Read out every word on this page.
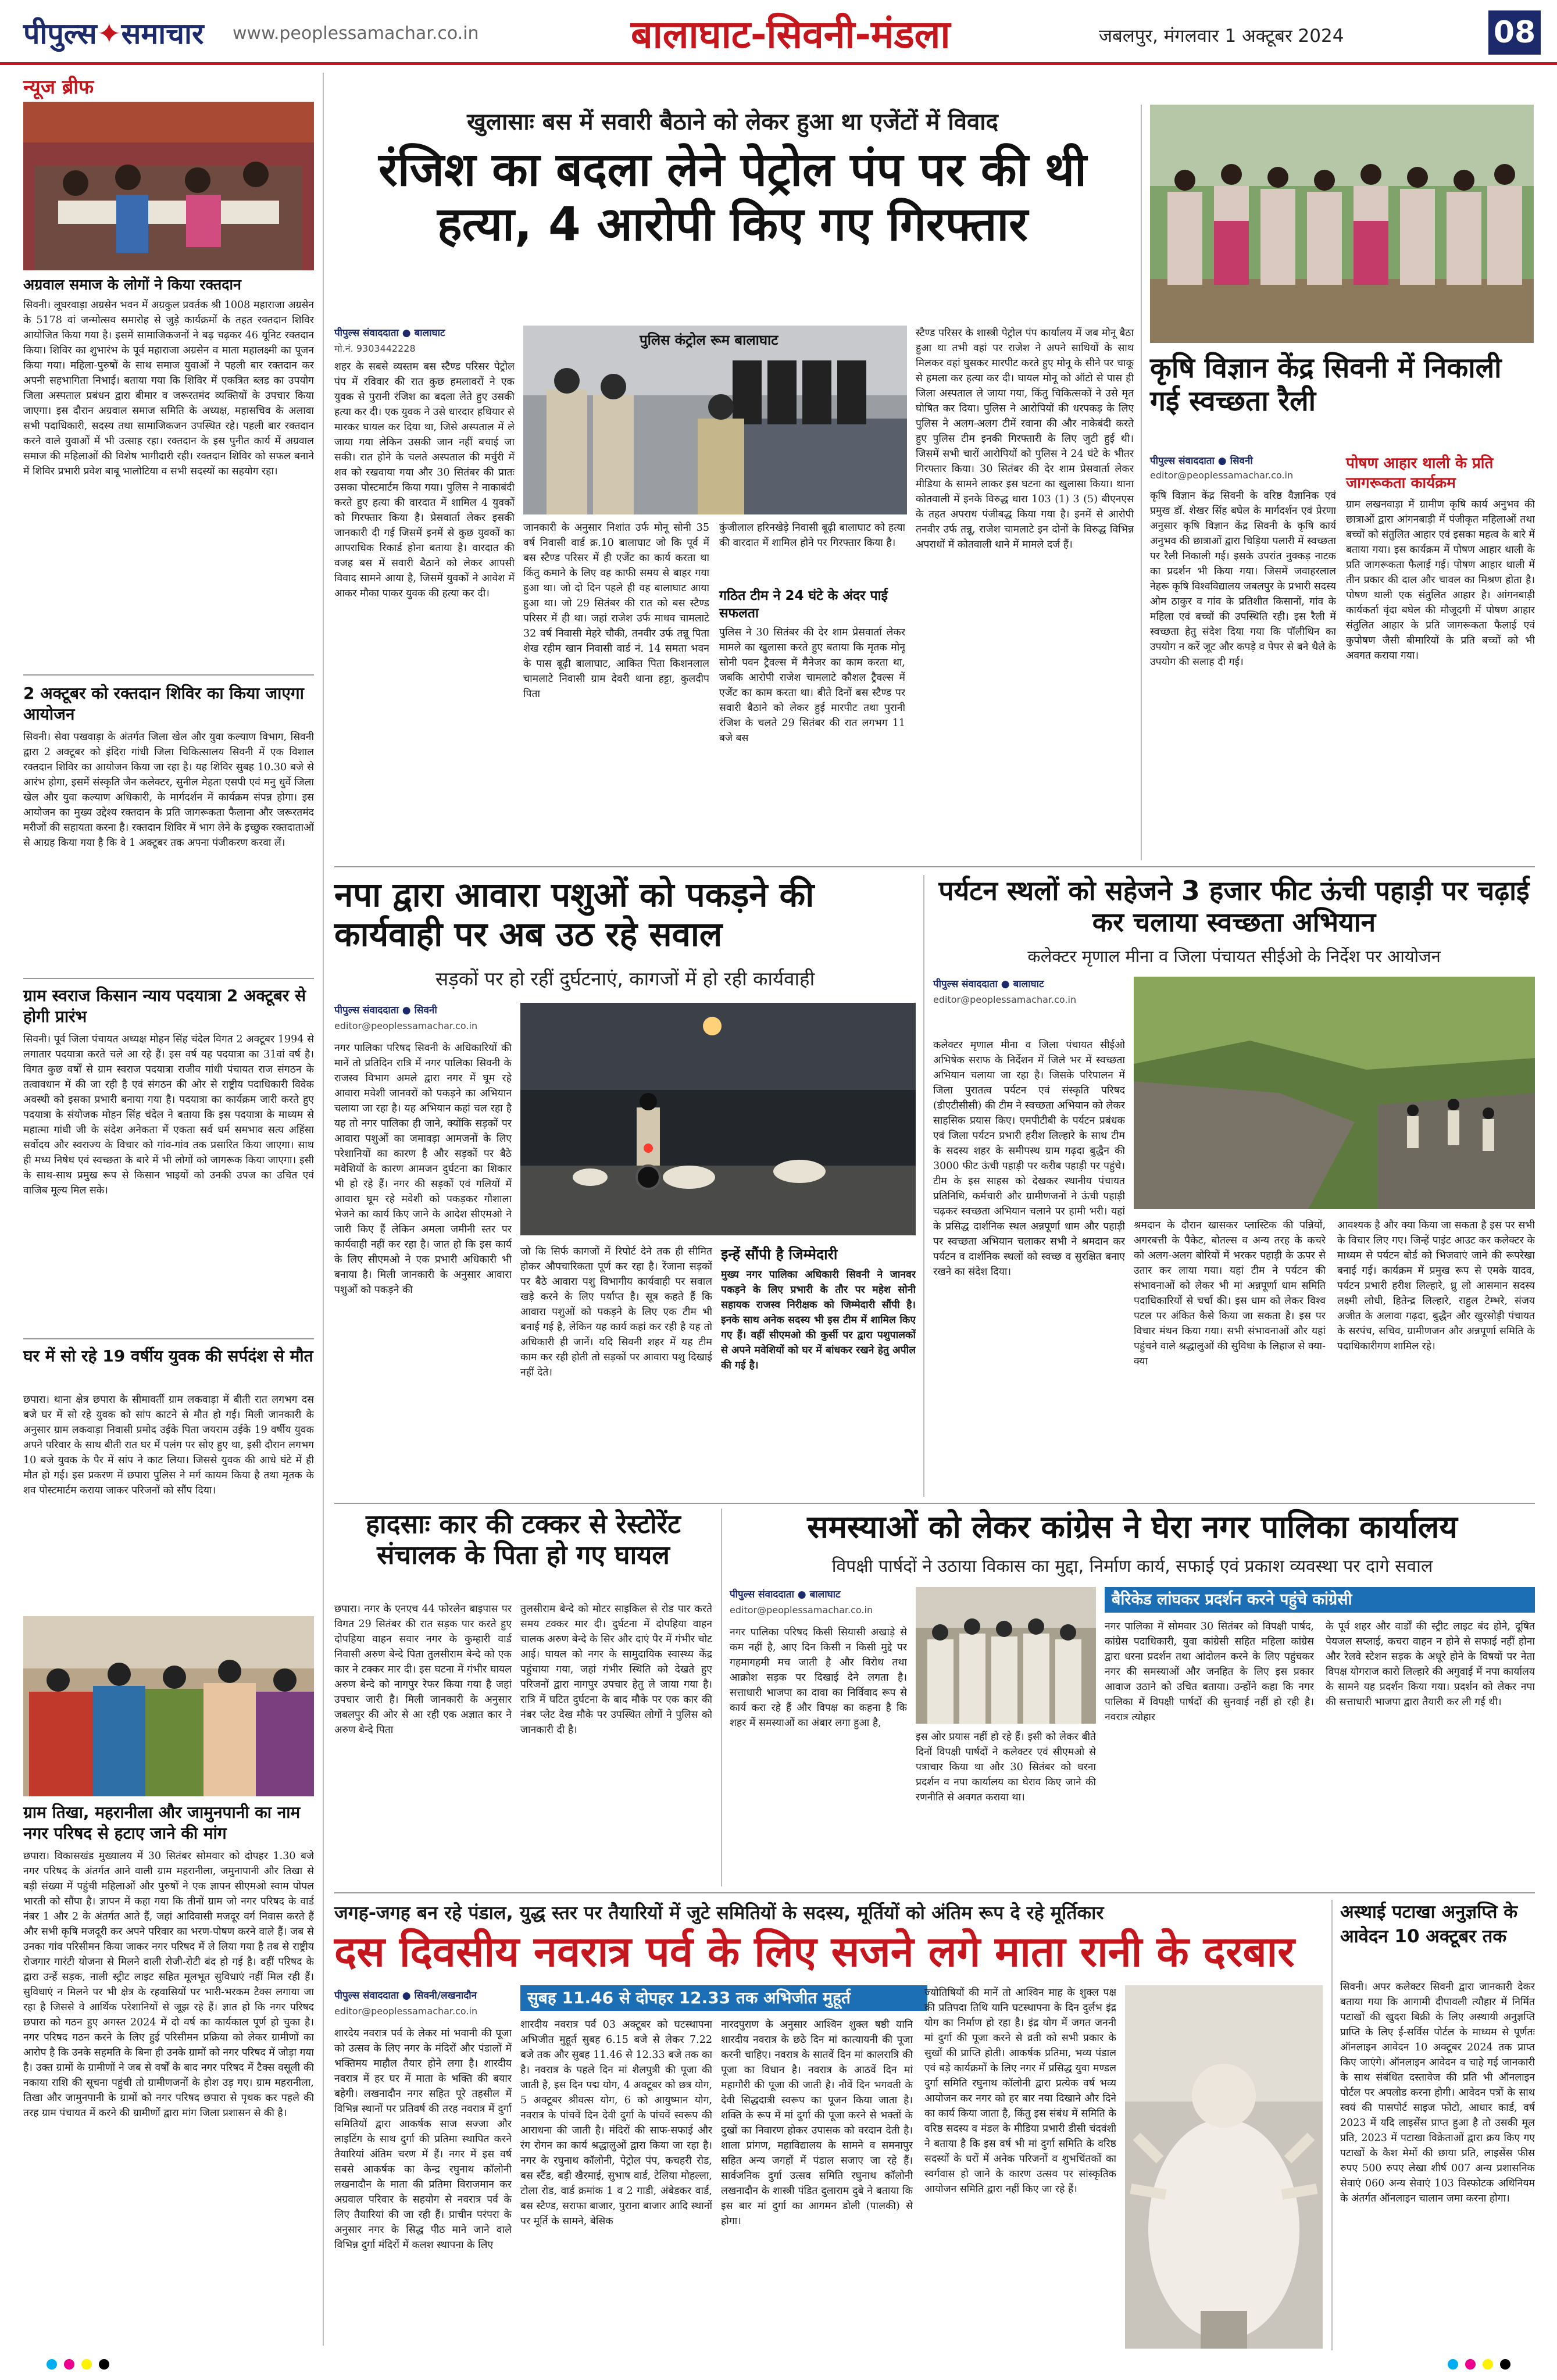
पीपुल्स✦समाचार www.peoplessamachar.co.in	बालाघाट-सिवनी-मंडला	जबलपुर, मंगलवार 1 अक्टूबर 2024	08
न्यूज ब्रीफ
अग्रवाल समाज के लोगों ने किया रक्तदान
सिवनी। लूघरवाड़ा अग्रसेन भवन में अग्रकुल प्रवर्तक श्री 1008 महाराजा अग्रसेन के 5178 वां जन्मोत्सव समारोह से जुड़े कार्यक्रमों के तहत रक्तदान शिविर आयोजित किया गया है। इसमें सामाजिकजनों ने बढ़ चढ़कर 46 यूनिट रक्तदान किया। शिविर का शुभारंभ के पूर्व महाराजा अग्रसेन व माता महालक्ष्मी का पूजन किया गया। महिला-पुरुषों के साथ समाज युवाओं ने पहली बार रक्तदान कर अपनी सहभागिता निभाई। बताया गया कि शिविर में एकत्रित ब्लड का उपयोग जिला अस्पताल प्रबंधन द्वारा बीमार व जरूरतमंद व्यक्तियों के उपचार किया जाएगा। इस दौरान अग्रवाल समाज समिति के अध्यक्ष, महासचिव के अलावा सभी पदाधिकारी, सदस्य तथा सामाजिकजन उपस्थित रहे। पहली बार रक्तदान करने वाले युवाओं में भी उत्साह रहा। रक्तदान के इस पुनीत कार्य में अग्रवाल समाज की महिलाओं की विशेष भागीदारी रही। रक्तदान शिविर को सफल बनाने में शिविर प्रभारी प्रवेश बाबू भालोटिया व सभी सदस्यों का सहयोग रहा।
2 अक्टूबर को रक्तदान शिविर का किया जाएगा आयोजन
सिवनी। सेवा पखवाड़ा के अंतर्गत जिला खेल और युवा कल्याण विभाग, सिवनी द्वारा 2 अक्टूबर को इंदिरा गांधी जिला चिकित्सालय सिवनी में एक विशाल रक्तदान शिविर का आयोजन किया जा रहा है। यह शिविर सुबह 10.30 बजे से आरंभ होगा, इसमें संस्कृति जैन कलेक्टर, सुनील मेहता एसपी एवं मनु धुर्वे जिला खेल और युवा कल्याण अधिकारी, के मार्गदर्शन में कार्यक्रम संपन्न होगा। इस आयोजन का मुख्य उद्देश्य रक्तदान के प्रति जागरूकता फैलाना और जरूरतमंद मरीजों की सहायता करना है। रक्तदान शिविर में भाग लेने के इच्छुक रक्तदाताओं से आग्रह किया गया है कि वे 1 अक्टूबर तक अपना पंजीकरण करवा लें।
ग्राम स्वराज किसान न्याय पदयात्रा 2 अक्टूबर से होगी प्रारंभ
सिवनी। पूर्व जिला पंचायत अध्यक्ष मोहन सिंह चंदेल विगत 2 अक्टूबर 1994 से लगातार पदयात्रा करते चले आ रहे हैं। इस वर्ष यह पदयात्रा का 31वां वर्ष है। विगत कुछ वर्षों से ग्राम स्वराज पदयात्रा राजीव गांधी पंचायत राज संगठन के तत्वावधान में की जा रही है एवं संगठन की ओर से राष्ट्रीय पदाधिकारी विवेक अवस्थी को इसका प्रभारी बनाया गया है। पदयात्रा का कार्यक्रम जारी करते हुए पदयात्रा के संयोजक मोहन सिंह चंदेल ने बताया कि इस पदयात्रा के माध्यम से महात्मा गांधी जी के संदेश अनेकता में एकता सर्व धर्म समभाव सत्य अहिंसा सर्वोदय और स्वराज्य के विचार को गांव-गांव तक प्रसारित किया जाएगा। साथ ही मध्य निषेध एवं स्वच्छता के बारे में भी लोगों को जागरूक किया जाएगा। इसी के साथ-साथ प्रमुख रूप से किसान भाइयों को उनकी उपज का उचित एवं वाजिब मूल्य मिल सके।
घर में सो रहे 19 वर्षीय युवक की सर्पदंश से मौत
छपारा। थाना क्षेत्र छपारा के सीमावर्ती ग्राम लकवाड़ा में बीती रात लगभग दस बजे घर में सो रहे युवक को सांप काटने से मौत हो गई। मिली जानकारी के अनुसार ग्राम लकवाड़ा निवासी प्रमोद उईके पिता जयराम उईके 19 वर्षीय युवक अपने परिवार के साथ बीती रात घर में पलंग पर सोए हुए था, इसी दौरान लगभग 10 बजे युवक के पैर में सांप ने काट लिया। जिससे युवक की आधे घंटे में ही मौत हो गई। इस प्रकरण में छपारा पुलिस ने मर्ग कायम किया है तथा मृतक के शव पोस्टमार्टम कराया जाकर परिजनों को सौंप दिया।
ग्राम तिखा, महरानीला और जामुनपानी का नाम नगर परिषद से हटाए जाने की मांग
छपारा। विकासखंड मुख्यालय में 30 सितंबर सोमवार को दोपहर 1.30 बजे नगर परिषद के अंतर्गत आने वाली ग्राम महरानीला, जमुनापानी और तिखा से बड़ी संख्या में पहुंची महिलाओं और पुरुषों ने एक ज्ञापन सीएमओ स्वाम पोपल भारती को सौंपा है। ज्ञापन में कहा गया कि तीनों ग्राम जो नगर परिषद के वार्ड नंबर 1 और 2 के अंतर्गत आते हैं, जहां आदिवासी मजदूर वर्ग निवास करते हैं और सभी कृषि मजदूरी कर अपने परिवार का भरण-पोषण करने वाले हैं। जब से उनका गांव परिसीमन किया जाकर नगर परिषद में ले लिया गया है तब से राष्ट्रीय रोजगार गारंटी योजना से मिलने वाली रोजी-रोटी बंद हो गई है। वहीं परिषद के द्वारा उन्हें सड़क, नाली स्ट्रीट लाइट सहित मूलभूत सुविधाएं नहीं मिल रही हैं। सुविधाएं न मिलने पर भी क्षेत्र के रहवासियों पर भारी-भरकम टैक्स लगाया जा रहा है जिससे वे आर्थिक परेशानियों से जूझ रहे हैं। ज्ञात हो कि नगर परिषद छपारा को गठन हुए अगस्त 2024 में दो वर्ष का कार्यकाल पूर्ण हो चुका है। नगर परिषद गठन करने के लिए हुई परिसीमन प्रक्रिया को लेकर ग्रामीणों का आरोप है कि उनके सहमति के बिना ही उनके ग्रामों को नगर परिषद में जोड़ा गया है। उक्त ग्रामों के ग्रामीणों ने जब से वर्षों के बाद नगर परिषद में टैक्स वसूली की नकाया राशि की सूचना पहुंची तो ग्रामीणजनों के होश उड़ गए। ग्राम महरानीला, तिखा और जामुनपानी के ग्रामों को नगर परिषद छपारा से पृथक कर पहले की तरह ग्राम पंचायत में करने की ग्रामीणों द्वारा मांग जिला प्रशासन से की है।
खुलासाः बस में सवारी बैठाने को लेकर हुआ था एजेंटों में विवाद
रंजिश का बदला लेने पेट्रोल पंप पर की थी हत्या, 4 आरोपी किए गए गिरफ्तार
पीपुल्स संवाददाता ● बालाघाट
मो.नं. 9303442228
शहर के सबसे व्यस्तम बस स्टैण्ड परिसर पेट्रोल पंप में रविवार की रात कुछ हमलावरों ने एक युवक से पुरानी रंजिश का बदला लेते हुए उसकी हत्या कर दी। एक युवक ने उसे धारदार हथियार से मारकर घायल कर दिया था, जिसे अस्पताल में ले जाया गया लेकिन उसकी जान नहीं बचाई जा सकी। रात होने के चलते अस्पताल की मर्चुरी में शव को रखवाया गया और 30 सितंबर की प्रातः उसका पोस्टमार्टम किया गया। पुलिस ने नाकाबंदी करते हुए हत्या की वारदात में शामिल 4 युवकों को गिरफ्तार किया है। प्रेसवार्ता लेकर इसकी जानकारी दी गई जिसमें इनमें से कुछ युवकों का आपराधिक रिकार्ड होना बताया है। वारदात की वजह बस में सवारी बैठाने को लेकर आपसी विवाद सामने आया है, जिसमें युवकों ने आवेश में आकर मौका पाकर युवक की हत्या कर दी।
पुलिस कंट्रोल रूम बालाघाट
जानकारी के अनुसार निशांत उर्फ मोनू सोनी 35 वर्ष निवासी वार्ड क्र.10 बालाघाट जो कि पूर्व में बस स्टैण्ड परिसर में ही एजेंट का कार्य करता था किंतु कमाने के लिए वह काफी समय से बाहर गया हुआ था। जो दो दिन पहले ही वह बालाघाट आया हुआ था। जो 29 सितंबर की रात को बस स्टैण्ड परिसर में ही था। जहां राजेश उर्फ माधव चामलाटे 32 वर्ष निवासी मेहरे चौकी, तनवीर उर्फ तन्नू पिता शेख रहीम खान निवासी वार्ड नं. 14 समता भवन के पास बूढ़ी बालाघाट, आकित पिता किशनलाल चामलाटे निवासी ग्राम देवरी थाना हट्टा, कुलदीप पिता
कुंजीलाल हरिनखेड़े निवासी बूढ़ी बालाघाट को हत्या की वारदात में शामिल होने पर गिरफ्तार किया है।
गठित टीम ने 24 घंटे के अंदर पाई सफलता
पुलिस ने 30 सितंबर की देर शाम प्रेसवार्ता लेकर मामले का खुलासा करते हुए बताया कि मृतक मोनू सोनी पवन ट्रैवल्स में मैनेजर का काम करता था, जबकि आरोपी राजेश चामलाटे कौशल ट्रैवल्स में एजेंट का काम करता था। बीते दिनों बस स्टैण्ड पर सवारी बैठाने को लेकर हुई मारपीट तथा पुरानी रंजिश के चलते 29 सितंबर की रात लगभग 11 बजे बस
स्टैण्ड परिसर के शास्त्री पेट्रोल पंप कार्यालय में जब मोनू बैठा हुआ था तभी वहां पर राजेश ने अपने साथियों के साथ मिलकर वहां घुसकर मारपीट करते हुए मोनू के सीने पर चाकू से हमला कर हत्या कर दी। घायल मोनू को ऑटो से पास ही जिला अस्पताल ले जाया गया, किंतु चिकित्सकों ने उसे मृत घोषित कर दिया। पुलिस ने आरोपियों की धरपकड़ के लिए पुलिस ने अलग-अलग टीमें रवाना की और नाकेबंदी करते हुए पुलिस टीम इनकी गिरफ्तारी के लिए जुटी हुई थी। जिसमें सभी चारों आरोपियों को पुलिस ने 24 घंटे के भीतर गिरफ्तार किया। 30 सितंबर की देर शाम प्रेसवार्ता लेकर मीडिया के सामने लाकर इस घटना का खुलासा किया। थाना कोतवाली में इनके विरुद्ध धारा 103 (1) 3 (5) बीएनएस के तहत अपराध पंजीबद्ध किया गया है। इनमें से आरोपी तनवीर उर्फ तन्नू, राजेश चामलाटे इन दोनों के विरुद्ध विभिन्न अपराधों में कोतवाली थाने में मामले दर्ज हैं।
कृषि विज्ञान केंद्र सिवनी में निकाली गई स्वच्छता रैली
पीपुल्स संवाददाता ● सिवनी
editor@peoplessamachar.co.in
कृषि विज्ञान केंद्र सिवनी के वरिष्ठ वैज्ञानिक एवं प्रमुख डॉ. शेखर सिंह बघेल के मार्गदर्शन एवं प्रेरणा अनुसार कृषि विज्ञान केंद्र सिवनी के कृषि कार्य अनुभव की छात्राओं द्वारा चिड़िया पलारी में स्वच्छता पर रैली निकाली गई। इसके उपरांत नुक्कड़ नाटक का प्रदर्शन भी किया गया। जिसमें जवाहरलाल नेहरू कृषि विश्वविद्यालय जबलपुर के प्रभारी सदस्य ओम ठाकुर व गांव के प्रतिशीत किसानों, गांव के महिला एवं बच्चों की उपस्थिति रही। इस रैली में स्वच्छता हेतु संदेश दिया गया कि पॉलीथिन का उपयोग न करें जूट और कपड़े व पेपर से बने थैले के उपयोग की सलाह दी गई।
पोषण आहार थाली के प्रति जागरूकता कार्यक्रम
ग्राम लखनवाड़ा में ग्रामीण कृषि कार्य अनुभव की छात्राओं द्वारा आंगनबाड़ी में पंजीकृत महिलाओं तथा बच्चों को संतुलित आहार एवं इसका महत्व के बारे में बताया गया। इस कार्यक्रम में पोषण आहार थाली के प्रति जागरूकता फैलाई गई। पोषण आहार थाली में तीन प्रकार की दाल और चावल का मिश्रण होता है। पोषण थाली एक संतुलित आहार है। आंगनबाड़ी कार्यकर्ता वृंदा बघेल की मौजूदगी में पोषण आहार संतुलित आहार के प्रति जागरूकता फैलाई एवं कुपोषण जैसी बीमारियों के प्रति बच्चों को भी अवगत कराया गया।
नपा द्वारा आवारा पशुओं को पकड़ने की कार्यवाही पर अब उठ रहे सवाल
सड़कों पर हो रहीं दुर्घटनाएं, कागजों में हो रही कार्यवाही
पीपुल्स संवाददाता ● सिवनी
editor@peoplessamachar.co.in
नगर पालिका परिषद सिवनी के अधिकारियों की मानें तो प्रतिदिन रात्रि में नगर पालिका सिवनी के राजस्व विभाग अमले द्वारा नगर में घूम रहे आवारा मवेशी जानवरों को पकड़ने का अभियान चलाया जा रहा है। यह अभियान कहां चल रहा है यह तो नगर पालिका ही जाने, क्योंकि सड़कों पर आवारा पशुओं का जमावड़ा आमजनों के लिए परेशानियों का कारण है और सड़कों पर बैठे मवेशियों के कारण आमजन दुर्घटना का शिकार भी हो रहे हैं। नगर की सड़कों एवं गलियों में आवारा घूम रहे मवेशी को पकड़कर गौशाला भेजने का कार्य किए जाने के आदेश सीएमओ ने जारी किए हैं लेकिन अमला जमीनी स्तर पर कार्यवाही नहीं कर रहा है। जात हो कि इस कार्य के लिए सीएमओ ने एक प्रभारी अधिकारी भी बनाया है। मिली जानकारी के अनुसार आवारा पशुओं को पकड़ने की
जो कि सिर्फ कागजों में रिपोर्ट देने तक ही सीमित होकर औपचारिकता पूर्ण कर रहा है। रेंजाना सड़कों पर बैठे आवारा पशु विभागीय कार्यवाही पर सवाल खड़े करने के लिए पर्याप्त है। सूत्र कहते हैं कि आवारा पशुओं को पकड़ने के लिए एक टीम भी बनाई गई है, लेकिन यह कार्य कहां कर रही है यह तो अधिकारी ही जानें। यदि सिवनी शहर में यह टीम काम कर रही होती तो सड़कों पर आवारा पशु दिखाई नहीं देते।
इन्हें सौंपी है जिम्मेदारी
मुख्य नगर पालिका अधिकारी सिवनी ने जानवर पकड़ने के लिए प्रभारी के तौर पर महेश सोनी सहायक राजस्व निरीक्षक को जिम्मेदारी सौंपी है। इनके साथ अनेक सदस्य भी इस टीम में शामिल किए गए हैं। वहीं सीएमओ की कुर्सी पर द्वारा पशुपालकों से अपने मवेशियों को घर में बांधकर रखने हेतु अपील की गई है।
पर्यटन स्थलों को सहेजने 3 हजार फीट ऊंची पहाड़ी पर चढ़ाई कर चलाया स्वच्छता अभियान
कलेक्टर मृणाल मीना व जिला पंचायत सीईओ के निर्देश पर आयोजन
पीपुल्स संवाददाता ● बालाघाट
editor@peoplessamachar.co.in
कलेक्टर मृणाल मीना व जिला पंचायत सीईओ अभिषेक सराफ के निर्देशन में जिले भर में स्वच्छता अभियान चलाया जा रहा है। जिसके परिपालन में जिला पुरातत्व पर्यटन एवं संस्कृति परिषद (डीएटीसीसी) की टीम ने स्वच्छता अभियान को लेकर साहसिक प्रयास किए। एमपीटीबी के पर्यटन प्रबंधक एवं जिला पर्यटन प्रभारी हरीश लिल्हारे के साथ टीम के सदस्य शहर के समीपस्थ ग्राम गढ़दा बुद्धैन की 3000 फीट ऊंची पहाड़ी पर करीब पहाड़ी पर पहुंचे। टीम के इस साहस को देखकर स्थानीय पंचायत प्रतिनिधि, कर्मचारी और ग्रामीणजनों ने ऊंची पहाड़ी चढ़कर स्वच्छता अभियान चलाने पर हामी भरी। यहां के प्रसिद्ध दार्शनिक स्थल अन्नपूर्णा धाम और पहाड़ी पर स्वच्छता अभियान चलाकर सभी ने श्रमदान कर पर्यटन व दार्शनिक स्थलों को स्वच्छ व सुरक्षित बनाए रखने का संदेश दिया।
श्रमदान के दौरान खासकर प्लास्टिक की पन्नियों, अगरबत्ती के पैकेट, बोतल्स व अन्य तरह के कचरे को अलग-अलग बोरियों में भरकर पहाड़ी के ऊपर से उतार कर लाया गया। यहां टीम ने पर्यटन की संभावनाओं को लेकर भी मां अन्नपूर्णा धाम समिति पदाधिकारियों से चर्चा की। इस धाम को लेकर विश्व पटल पर अंकित कैसे किया जा सकता है। इस पर विचार मंथन किया गया। सभी संभावनाओं और यहां पहुंचने वाले श्रद्धालुओं की सुविधा के लिहाज से क्या-क्या
आवश्यक है और क्या किया जा सकता है इस पर सभी के विचार लिए गए। जिन्हें पाइंट आउट कर कलेक्टर के माध्यम से पर्यटन बोर्ड को भिजवाएं जाने की रूपरेखा बनाई गई। कार्यक्रम में प्रमुख रूप से एमके यादव, पर्यटन प्रभारी हरीश लिल्हारे, ध्रु लो आसमान सदस्य लक्ष्मी लोधी, हितेन्द्र लिल्हारे, राहुल टेम्भरे, संजय अजीत के अलावा गढ़दा, बुद्धैन और खुरसोड़ी पंचायत के सरपंच, सचिव, ग्रामीणजन और अन्नपूर्णा समिति के पदाधिकारीगण शामिल रहे।
हादसाः कार की टक्कर से रेस्टोरेंट संचालक के पिता हो गए घायल
छपारा। नगर के एनएच 44 फोरलेन बाइपास पर विगत 29 सितंबर की रात सड़क पार करते हुए दोपहिया वाहन सवार नगर के कुम्हारी वार्ड निवासी अरुण बेन्दे पिता तुलसीराम बेन्दे को एक कार ने टक्कर मार दी। इस घटना में गंभीर घायल अरुण बेन्दे को नागपुर रेफर किया गया है जहां उपचार जारी है। मिली जानकारी के अनुसार जबलपुर की ओर से आ रही एक अज्ञात कार ने अरुण बेन्दे पिता
तुलसीराम बेन्दे को मोटर साइकिल से रोड पार करते समय टक्कर मार दी। दुर्घटना में दोपहिया वाहन चालक अरुण बेन्दे के सिर और दाएं पैर में गंभीर चोट आई। घायल को नगर के सामुदायिक स्वास्थ्य केंद्र पहुंचाया गया, जहां गंभीर स्थिति को देखते हुए परिजनों द्वारा नागपुर उपचार हेतु ले जाया गया है। रात्रि में घटित दुर्घटना के बाद मौके पर एक कार की नंबर प्लेट देख मौके पर उपस्थित लोगों ने पुलिस को जानकारी दी है।
समस्याओं को लेकर कांग्रेस ने घेरा नगर पालिका कार्यालय
विपक्षी पार्षदों ने उठाया विकास का मुद्दा, निर्माण कार्य, सफाई एवं प्रकाश व्यवस्था पर दागे सवाल
पीपुल्स संवाददाता ● बालाघाट
editor@peoplessamachar.co.in
नगर पालिका परिषद किसी सियासी अखाड़े से कम नहीं है, आए दिन किसी न किसी मुद्दे पर गहमागहमी मच जाती है और विरोध तथा आक्रोश सड़क पर दिखाई देने लगता है। सत्ताधारी भाजपा का दावा का निर्विवाद रूप से कार्य करा रहे हैं और विपक्ष का कहना है कि शहर में समस्याओं का अंबार लगा हुआ है,
इस ओर प्रयास नहीं हो रहे हैं। इसी को लेकर बीते दिनों विपक्षी पार्षदों ने कलेक्टर एवं सीएमओ से पत्राचार किया था और 30 सितंबर को धरना प्रदर्शन व नपा कार्यालय का घेराव किए जाने की रणनीति से अवगत कराया था।
बैरिकेड लांघकर प्रदर्शन करने पहुंचे कांग्रेसी
नगर पालिका में सोमवार 30 सितंबर को विपक्षी पार्षद, कांग्रेस पदाधिकारी, युवा कांग्रेसी सहित महिला कांग्रेस द्वारा धरना प्रदर्शन तथा आंदोलन करने के लिए पहुंचकर नगर की समस्याओं और जनहित के लिए इस प्रकार आवाज उठाने को उचित बताया। उन्होंने कहा कि नगर पालिका में विपक्षी पार्षदों की सुनवाई नहीं हो रही है। नवरात्र त्योहार
के पूर्व शहर और वार्डों की स्ट्रीट लाइट बंद होने, दूषित पेयजल सप्लाई, कचरा वाहन न होने से सफाई नहीं होना और रेलवे स्टेशन सड़क के अधूरे होने के विषयों पर नेता विपक्ष योगराज कारो लिल्हारे की अगुवाई में नपा कार्यालय के सामने यह प्रदर्शन किया गया। प्रदर्शन को लेकर नपा की सत्ताधारी भाजपा द्वारा तैयारी कर ली गई थी।
जगह-जगह बन रहे पंडाल, युद्ध स्तर पर तैयारियों में जुटे समितियों के सदस्य, मूर्तियों को अंतिम रूप दे रहे मूर्तिकार
दस दिवसीय नवरात्र पर्व के लिए सजने लगे माता रानी के दरबार
पीपुल्स संवाददाता ● सिवनी/लखनादौन
editor@peoplessamachar.co.in
सुबह 11.46 से दोपहर 12.33 तक अभिजीत मुहूर्त
शारदेय नवरात्र पर्व के लेकर मां भवानी की पूजा को उत्सव के लिए नगर के मंदिरों और पंडालों में भक्तिमय माहौल तैयार होने लगा है। शारदीय नवरात्र में हर घर में माता के भक्ति की बयार बहेगी। लखनादौन नगर सहित पूरे तहसील में विभिन्न स्थानों पर प्रतिवर्ष की तरह नवरात्र में दुर्गा समितियों द्वारा आकर्षक साज सज्जा और लाइटिंग के साथ दुर्गा की प्रतिमा स्थापित करने तैयारियां अंतिम चरण में हैं। नगर में इस वर्ष सबसे आकर्षक का केन्द्र रघुनाथ कॉलोनी लखनादौन के माता की प्रतिमा विराजमान कर अग्रवाल परिवार के सहयोग से नवरात्र पर्व के लिए तैयारियां की जा रही हैं। प्राचीन परंपरा के अनुसार नगर के सिद्ध पीठ माने जाने वाले विभिन्न दुर्गा मंदिरों में कलश स्थापना के लिए
शारदीय नवरात्र पर्व 03 अक्टूबर को घटस्थापना अभिजीत मुहूर्त सुबह 6.15 बजे से लेकर 7.22 बजे तक और सुबह 11.46 से 12.33 बजे तक का है। नवरात्र के पहले दिन मां शैलपुत्री की पूजा की जाती है, इस दिन पद्म योग, 4 अक्टूबर को छत्र योग, 5 अक्टूबर श्रीवत्स योग, 6 को आयुष्मान योग, नवरात्र के पांचवें दिन देवी दुर्गा के पांचवें स्वरूप की आराधना की जाती है। मंदिरों की साफ-सफाई और रंग रोगन का कार्य श्रद्धालुओं द्वारा किया जा रहा है। नगर के रघुनाथ कॉलोनी, पेट्रोल पंप, कचहरी रोड, बस स्टैंड, बड़ी खैरमाई, सुभाष वार्ड, टेलिया मोहल्ला, टोला रोड, वार्ड क्रमांक 1 व 2 गाडी, अंबेडकर वार्ड, बस स्टैण्ड, सराफा बाजार, पुराना बाजार आदि स्थानों पर मूर्ति के सामने, बेसिक
नारदपुराण के अनुसार आश्विन शुक्ल षष्ठी यानि शारदीय नवरात्र के छठे दिन मां कात्यायनी की पूजा करनी चाहिए। नवरात्र के सातवें दिन मां कालरात्रि की पूजा का विधान है। नवरात्र के आठवें दिन मां महागौरी की पूजा की जाती है। नौवें दिन भगवती के देवी सिद्धदात्री स्वरूप का पूजन किया जाता है। शक्ति के रूप में मां दुर्गा की पूजा करने से भक्तों के दुखों का निवारण होकर उपासक को वरदान देती है। शाला प्रांगण, महाविद्यालय के सामने व समनापुर सहित अन्य जगहों में पंडाल सजाए जा रहे हैं। सार्वजनिक दुर्गा उत्सव समिति रघुनाथ कॉलोनी लखनादौन के शास्त्री पंडित दुलाराम दुबे ने बताया कि इस बार मां दुर्गा का आगमन डोली (पालकी) से होगा।
ज्योतिषियों की मानें तो आश्विन माह के शुक्ल पक्ष की प्रतिपदा तिथि यानि घटस्थापना के दिन दुर्लभ इंद्र योग का निर्माण हो रहा है। इंद्र योग में जगत जननी मां दुर्गा की पूजा करने से व्रती को सभी प्रकार के सुखों की प्राप्ति होती। आकर्षक प्रतिमा, भव्य पंडाल एवं बड़े कार्यक्रमों के लिए नगर में प्रसिद्ध युवा मण्डल दुर्गा समिति रघुनाथ कॉलोनी द्वारा प्रत्येक वर्ष भव्य आयोजन कर नगर को हर बार नया दिखाने और दिने का कार्य किया जाता है, किंतु इस संबंध में समिति के वरिष्ठ सदस्य व मंडल के मीडिया प्रभारी डीसी चंदवंशी ने बताया है कि इस वर्ष भी मां दुर्गा समिति के वरिष्ठ सदस्यों के घरों में अनेक परिजनों व शुभचिंतकों का स्वर्गवास हो जाने के कारण उत्सव पर सांस्कृतिक आयोजन समिति द्वारा नहीं किए जा रहे हैं।
अस्थाई पटाखा अनुज्ञप्ति के आवेदन 10 अक्टूबर तक
सिवनी। अपर कलेक्टर सिवनी द्वारा जानकारी देकर बताया गया कि आगामी दीपावली त्यौहार में निर्मित पटाखों की खुदरा बिक्री के लिए अस्थायी अनुज्ञप्ति प्राप्ति के लिए ई-सर्विस पोर्टल के माध्यम से पूर्णतः ऑनलाइन आवेदन 10 अक्टूबर 2024 तक प्राप्त किए जाएंगे। ऑनलाइन आवेदन व चाहे गई जानकारी के साथ संबंधित दस्तावेज की प्रति भी ऑनलाइन पोर्टल पर अपलोड करना होगी। आवेदन पत्रों के साथ स्वयं की पासपोर्ट साइज फोटो, आधार कार्ड, वर्ष 2023 में यदि लाइसेंस प्राप्त हुआ है तो उसकी मूल प्रति, 2023 में पटाखा विक्रेताओं द्वारा क्रय किए गए पटाखों के कैश मेमों की छाया प्रति, लाइसेंस फीस रुपए 500 रुपए लेखा शीर्ष 007 अन्य प्रशासनिक सेवाएं 060 अन्य सेवाएं 103 विस्फोटक अधिनियम के अंतर्गत ऑनलाइन चालान जमा करना होगा।
